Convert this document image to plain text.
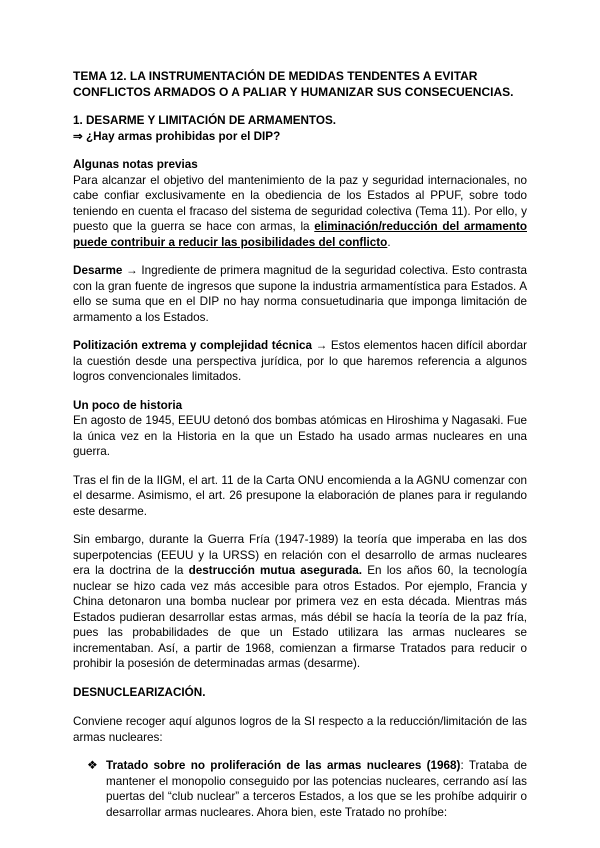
TEMA 12. LA INSTRUMENTACIÓN DE MEDIDAS TENDENTES A EVITAR CONFLICTOS ARMADOS O A PALIAR Y HUMANIZAR SUS CONSECUENCIAS.
1. DESARME Y LIMITACIÓN DE ARMAMENTOS.
⇒ ¿Hay armas prohibidas por el DIP?

Algunas notas previas
Para alcanzar el objetivo del mantenimiento de la paz y seguridad internacionales, no cabe confiar exclusivamente en la obediencia de los Estados al PPUF, sobre todo teniendo en cuenta el fracaso del sistema de seguridad colectiva (Tema 11). Por ello, y puesto que la guerra se hace con armas, la eliminación/reducción del armamento puede contribuir a reducir las posibilidades del conflicto.

Desarme → Ingrediente de primera magnitud de la seguridad colectiva. Esto contrasta con la gran fuente de ingresos que supone la industria armamentística para Estados. A ello se suma que en el DIP no hay norma consuetudinaria que imponga limitación de armamento a los Estados.

Politización extrema y complejidad técnica → Estos elementos hacen difícil abordar la cuestión desde una perspectiva jurídica, por lo que haremos referencia a algunos logros convencionales limitados.

Un poco de historia
En agosto de 1945, EEUU detonó dos bombas atómicas en Hiroshima y Nagasaki. Fue la única vez en la Historia en la que un Estado ha usado armas nucleares en una guerra.

Tras el fin de la IIGM, el art. 11 de la Carta ONU encomienda a la AGNU comenzar con el desarme. Asimismo, el art. 26 presupone la elaboración de planes para ir regulando este desarme.

Sin embargo, durante la Guerra Fría (1947-1989) la teoría que imperaba en las dos superpotencias (EEUU y la URSS) en relación con el desarrollo de armas nucleares era la doctrina de la destrucción mutua asegurada. En los años 60, la tecnología nuclear se hizo cada vez más accesible para otros Estados. Por ejemplo, Francia y China detonaron una bomba nuclear por primera vez en esta década. Mientras más Estados pudieran desarrollar estas armas, más débil se hacía la teoría de la paz fría, pues las probabilidades de que un Estado utilizara las armas nucleares se incrementaban. Así, a partir de 1968, comienzan a firmarse Tratados para reducir o prohibir la posesión de determinadas armas (desarme).

DESNUCLEARIZACIÓN.

Conviene recoger aquí algunos logros de la SI respecto a la reducción/limitación de las armas nucleares:

❖ Tratado sobre no proliferación de las armas nucleares (1968): Trataba de mantener el monopolio conseguido por las potencias nucleares, cerrando así las puertas del “club nuclear” a terceros Estados, a los que se les prohíbe adquirir o desarrollar armas nucleares. Ahora bien, este Tratado no prohíbe:
